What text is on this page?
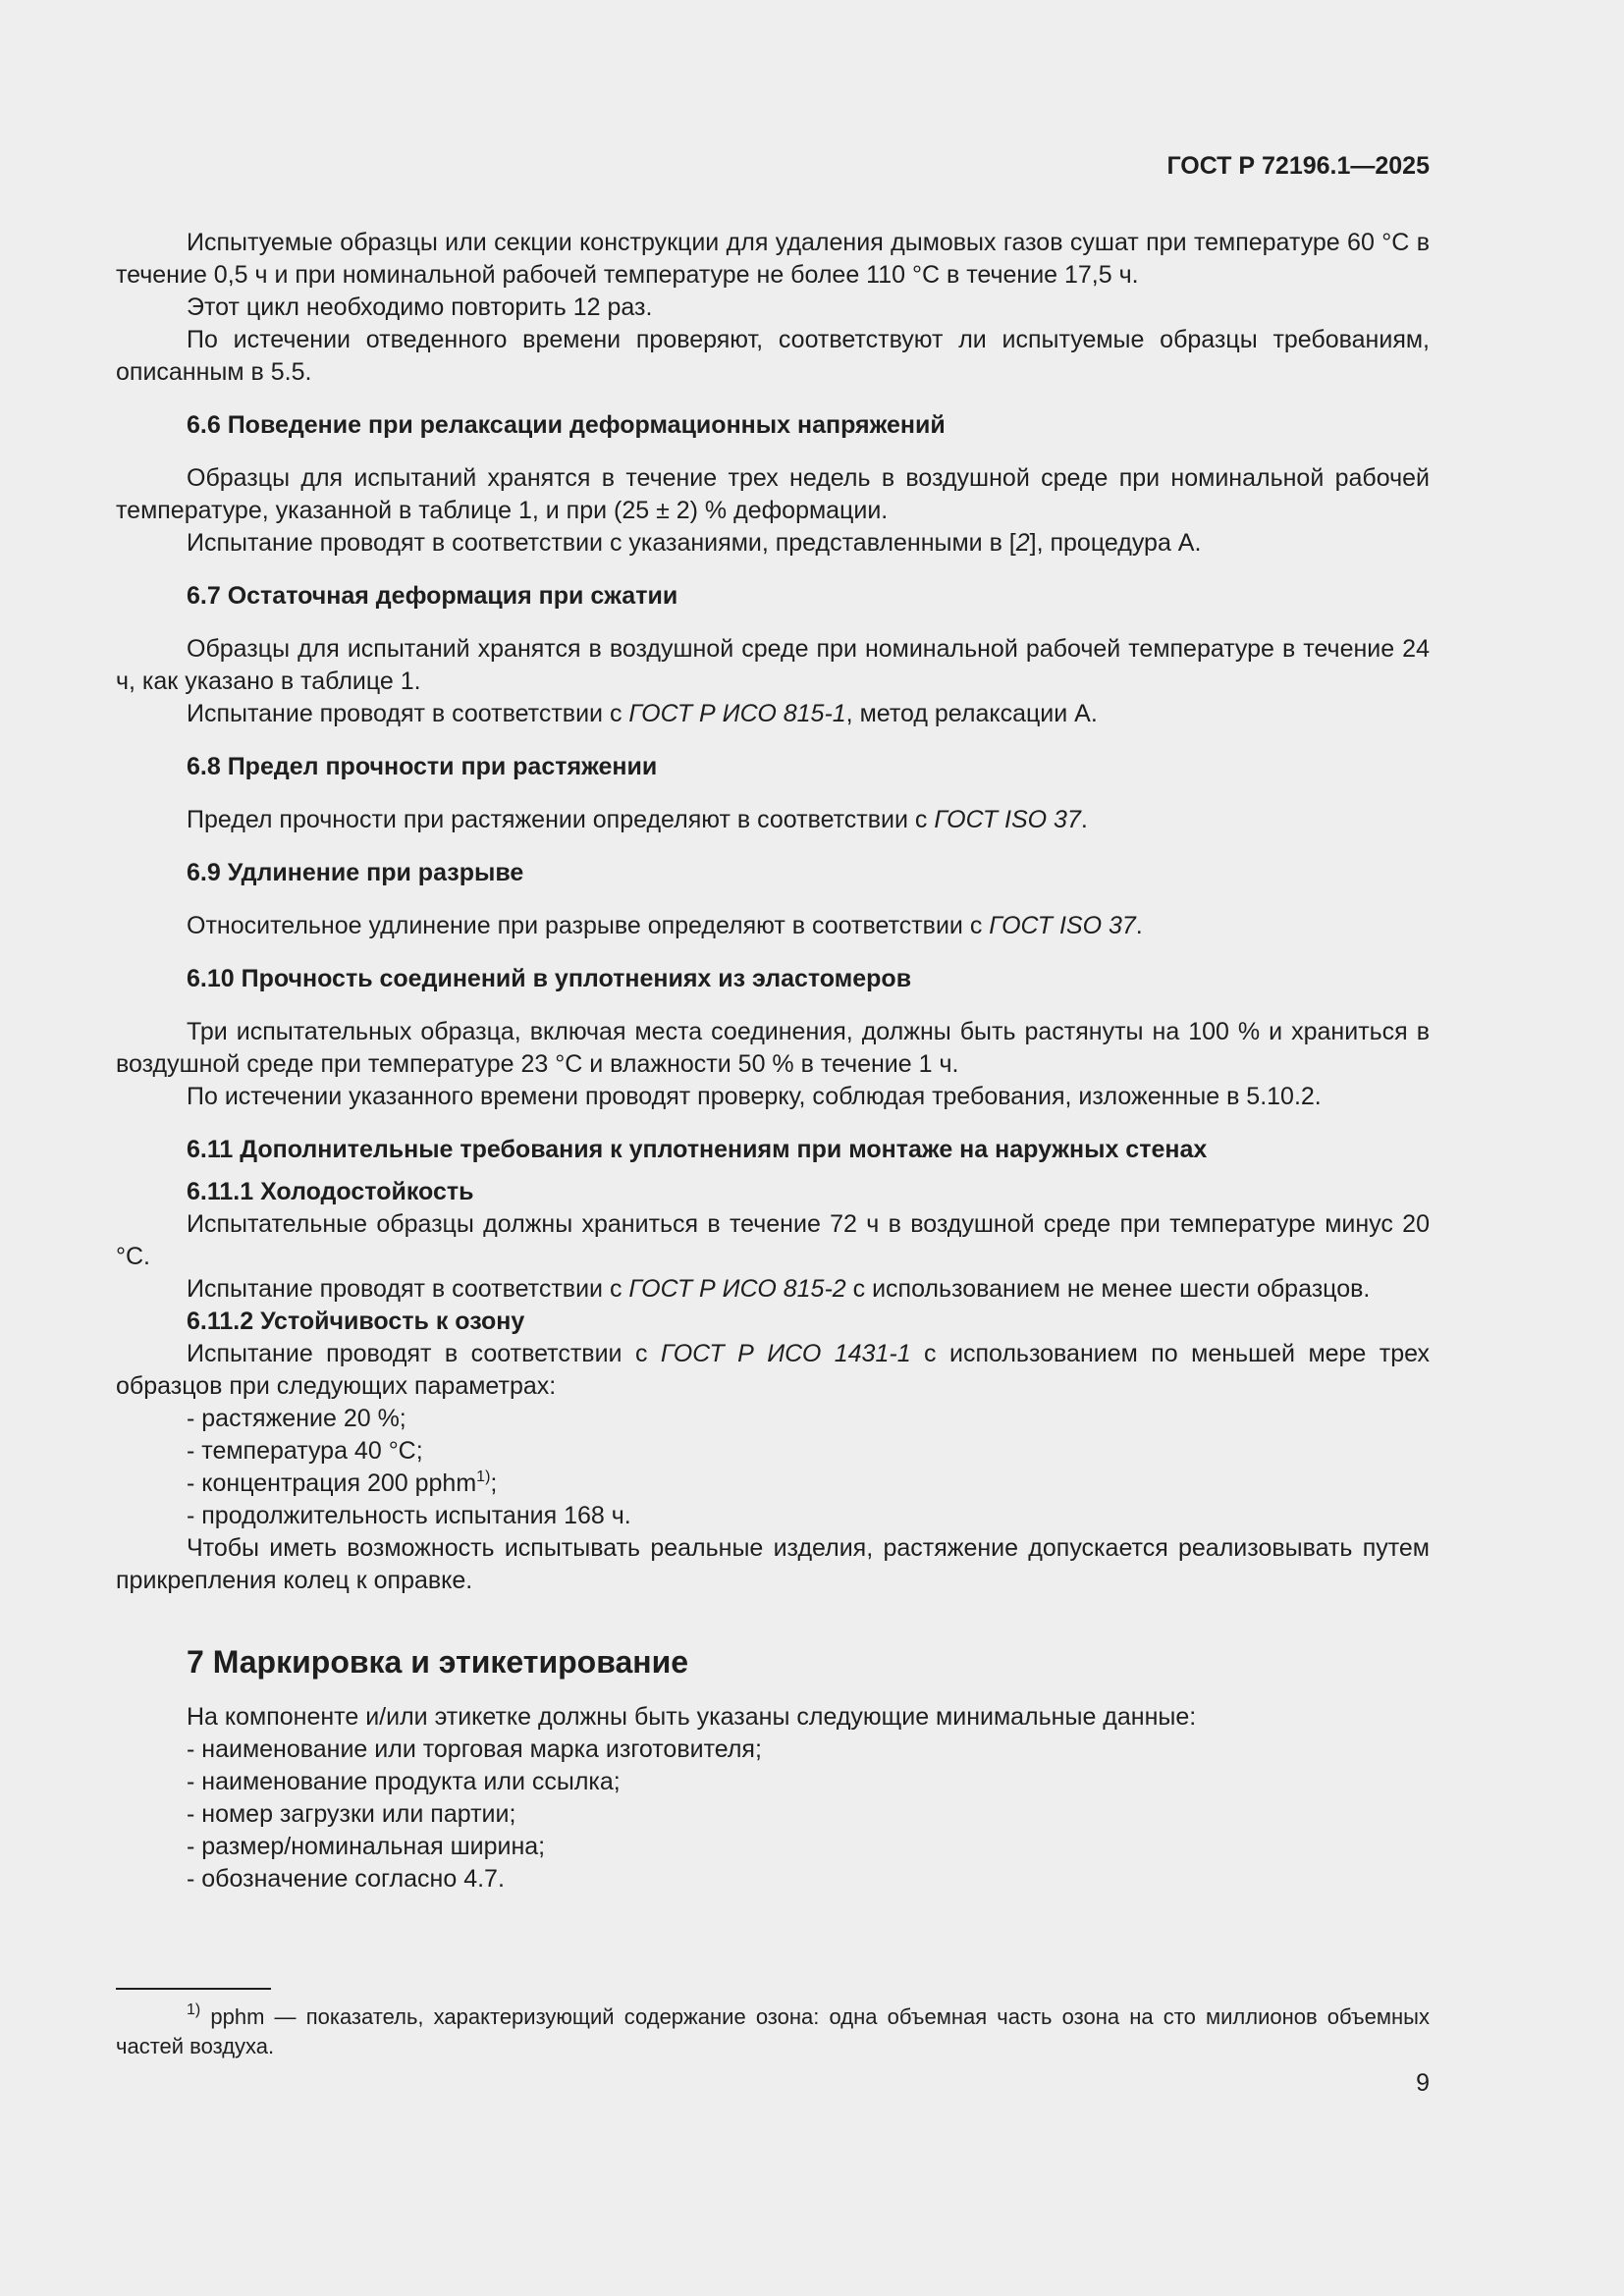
ГОСТ Р 72196.1—2025

Испытуемые образцы или секции конструкции для удаления дымовых газов сушат при температуре 60 °C в течение 0,5 ч и при номинальной рабочей температуре не более 110 °C в течение 17,5 ч.

Этот цикл необходимо повторить 12 раз.

По истечении отведенного времени проверяют, соответствуют ли испытуемые образцы требованиям, описанным в 5.5.

6.6 Поведение при релаксации деформационных напряжений

Образцы для испытаний хранятся в течение трех недель в воздушной среде при номинальной рабочей температуре, указанной в таблице 1, и при (25 ± 2) % деформации.

Испытание проводят в соответствии с указаниями, представленными в [2], процедура A.

6.7 Остаточная деформация при сжатии

Образцы для испытаний хранятся в воздушной среде при номинальной рабочей температуре в течение 24 ч, как указано в таблице 1.

Испытание проводят в соответствии с ГОСТ Р ИСО 815-1, метод релаксации A.

6.8 Предел прочности при растяжении

Предел прочности при растяжении определяют в соответствии с ГОСТ ISO 37.

6.9 Удлинение при разрыве

Относительное удлинение при разрыве определяют в соответствии с ГОСТ ISO 37.

6.10 Прочность соединений в уплотнениях из эластомеров

Три испытательных образца, включая места соединения, должны быть растянуты на 100 % и храниться в воздушной среде при температуре 23 °C и влажности 50 % в течение 1 ч.

По истечении указанного времени проводят проверку, соблюдая требования, изложенные в 5.10.2.

6.11 Дополнительные требования к уплотнениям при монтаже на наружных стенах
6.11.1 Холодостойкость

Испытательные образцы должны храниться в течение 72 ч в воздушной среде при температуре минус 20 °C.

Испытание проводят в соответствии с ГОСТ Р ИСО 815-2 с использованием не менее шести образцов.

6.11.2 Устойчивость к озону

Испытание проводят в соответствии с ГОСТ Р ИСО 1431-1 с использованием по меньшей мере трех образцов при следующих параметрах:

- растяжение 20 %;
- температура 40 °C;
- концентрация 200 pphm$^{1)}$;
- продолжительность испытания 168 ч.

Чтобы иметь возможность испытывать реальные изделия, растяжение допускается реализовывать путем прикрепления колец к оправке.

7 Маркировка и этикетирование

На компоненте и/или этикетке должны быть указаны следующие минимальные данные:

- наименование или торговая марка изготовителя;
- наименование продукта или ссылка;
- номер загрузки или партии;
- размер/номинальная ширина;
- обозначение согласно 4.7.

$^{1)}$ pphm — показатель, характеризующий содержание озона: одна объемная часть озона на сто миллионов объемных частей воздуха.

9
